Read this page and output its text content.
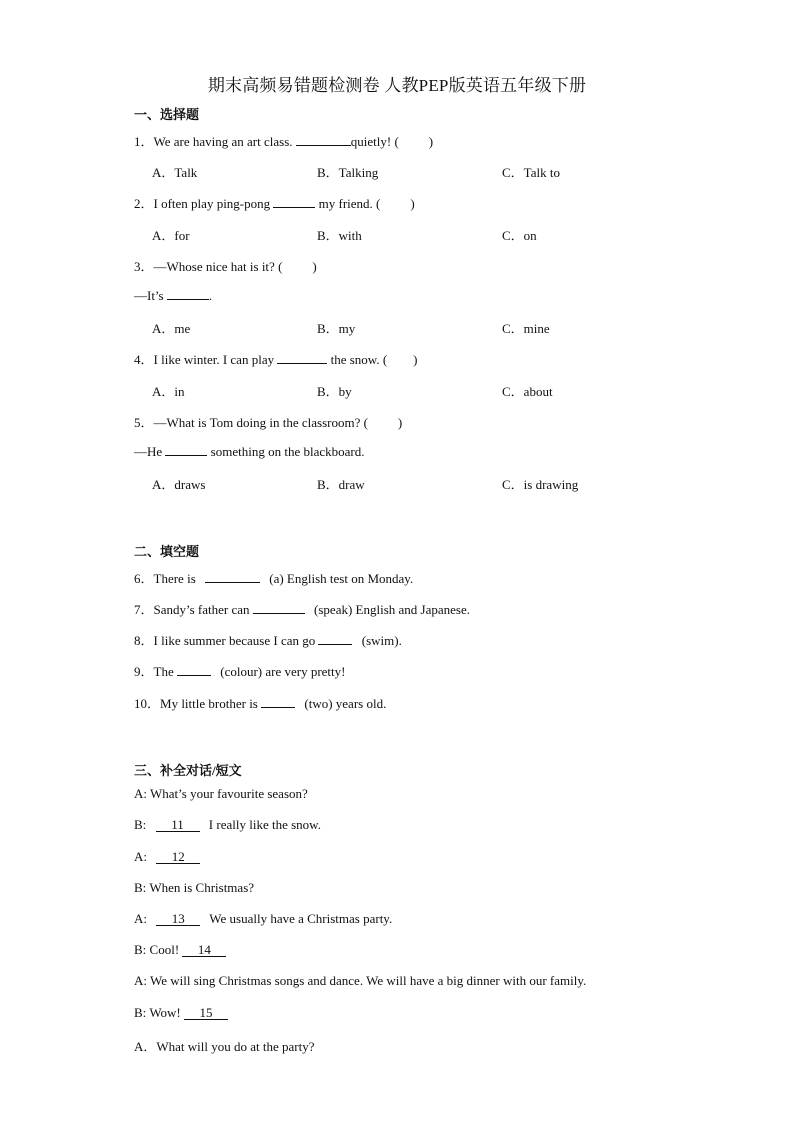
期末高频易错题检测卷 人教PEP版英语五年级下册
一、选择题
1．We are having an art class.	quietly! ( )
A．Talk	B．Talking	C．Talk to
2．I often play ping-pong	my friend. ( )
A．for	B．with	C．on
3．—Whose nice hat is it? ( )
—It’s	.
A．me	B．my	C．mine
4．I like winter. I can play	the snow. ( )
A．in	B．by	C．about
5．—What is Tom doing in the classroom? ( )
—He	something on the blackboard.
A．draws	B．draw	C．is drawing
二、填空题
6．There is	(a) English test on Monday.
7．Sandy’s father can	(speak) English and Japanese.
8．I like summer because I can go	(swim).
9．The	(colour) are very pretty!
10．My little brother is	(two) years old.
三、补全对话/短文
A: What’s your favourite season?
B: 11 I really like the snow.
A: 12
B: When is Christmas?
A: 13 We usually have a Christmas party.
B: Cool! 14
A: We will sing Christmas songs and dance. We will have a big dinner with our family.
B: Wow! 15
A．What will you do at the party?
